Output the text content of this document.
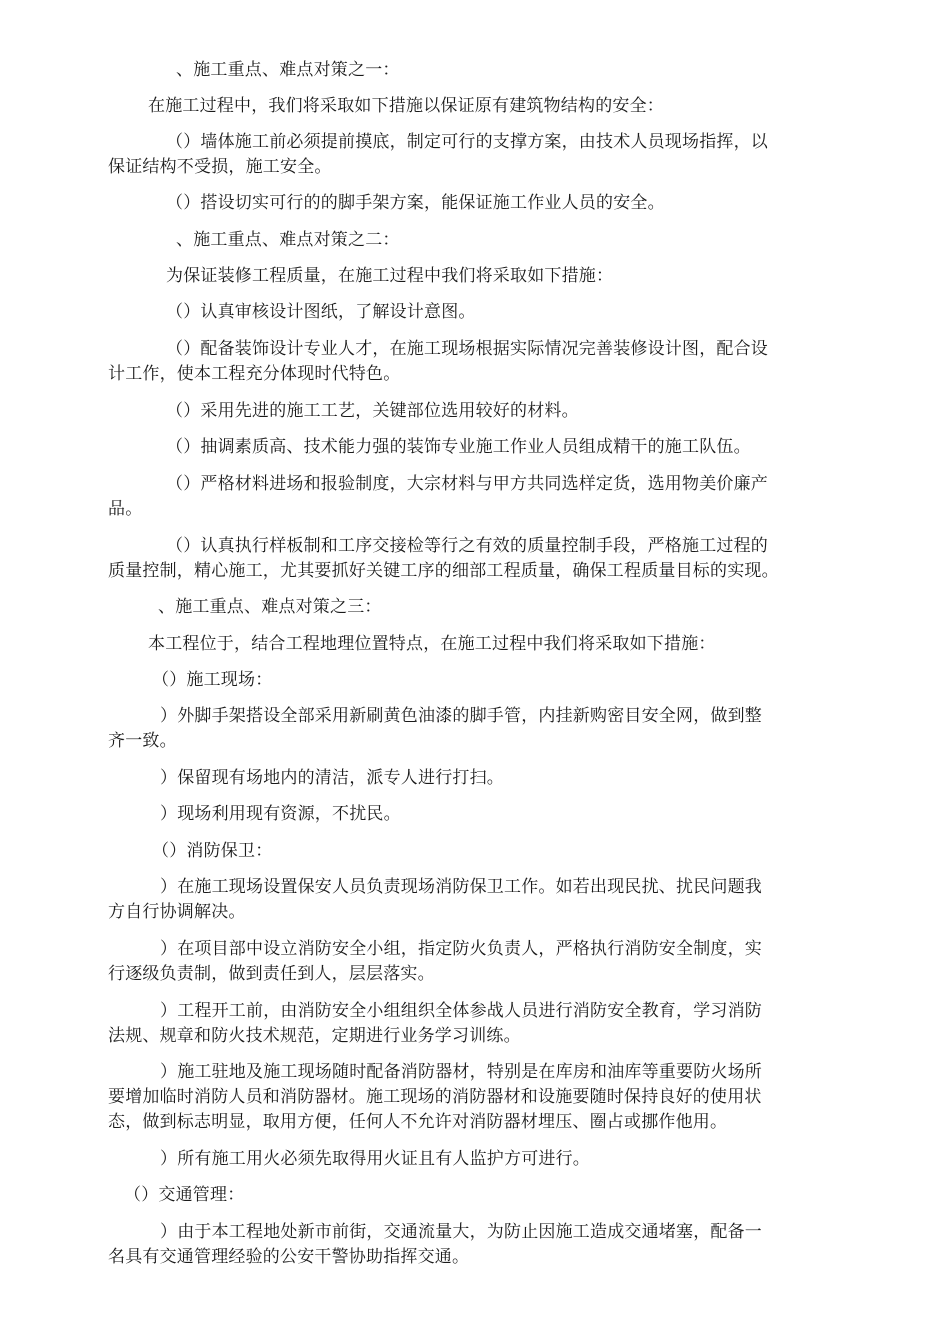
、施工重点、难点对策之一：
在施工过程中，我们将采取如下措施以保证原有建筑物结构的安全：
（）墙体施工前必须提前摸底，制定可行的支撑方案，由技术人员现场指挥，以
保证结构不受损，施工安全。
（）搭设切实可行的的脚手架方案，能保证施工作业人员的安全。
、施工重点、难点对策之二：
为保证装修工程质量，在施工过程中我们将采取如下措施：
（）认真审核设计图纸，了解设计意图。
（）配备装饰设计专业人才，在施工现场根据实际情况完善装修设计图，配合设
计工作，使本工程充分体现时代特色。
（）采用先进的施工工艺，关键部位选用较好的材料。
（）抽调素质高、技术能力强的装饰专业施工作业人员组成精干的施工队伍。
（）严格材料进场和报验制度，大宗材料与甲方共同选样定货，选用物美价廉产
品。
（）认真执行样板制和工序交接检等行之有效的质量控制手段，严格施工过程的
质量控制，精心施工，尤其要抓好关键工序的细部工程质量，确保工程质量目标的实现。
、施工重点、难点对策之三：
本工程位于，结合工程地理位置特点，在施工过程中我们将采取如下措施：
（）施工现场：
）外脚手架搭设全部采用新刷黄色油漆的脚手管，内挂新购密目安全网，做到整
齐一致。
）保留现有场地内的清洁，派专人进行打扫。
）现场利用现有资源，不扰民。
（）消防保卫：
）在施工现场设置保安人员负责现场消防保卫工作。如若出现民扰、扰民问题我
方自行协调解决。
）在项目部中设立消防安全小组，指定防火负责人，严格执行消防安全制度，实
行逐级负责制，做到责任到人，层层落实。
）工程开工前，由消防安全小组组织全体参战人员进行消防安全教育，学习消防
法规、规章和防火技术规范，定期进行业务学习训练。
）施工驻地及施工现场随时配备消防器材，特别是在库房和油库等重要防火场所
要增加临时消防人员和消防器材。施工现场的消防器材和设施要随时保持良好的使用状
态，做到标志明显，取用方便，任何人不允许对消防器材埋压、圈占或挪作他用。
）所有施工用火必须先取得用火证且有人监护方可进行。
（）交通管理：
）由于本工程地处新市前街，交通流量大，为防止因施工造成交通堵塞，配备一
名具有交通管理经验的公安干警协助指挥交通。
